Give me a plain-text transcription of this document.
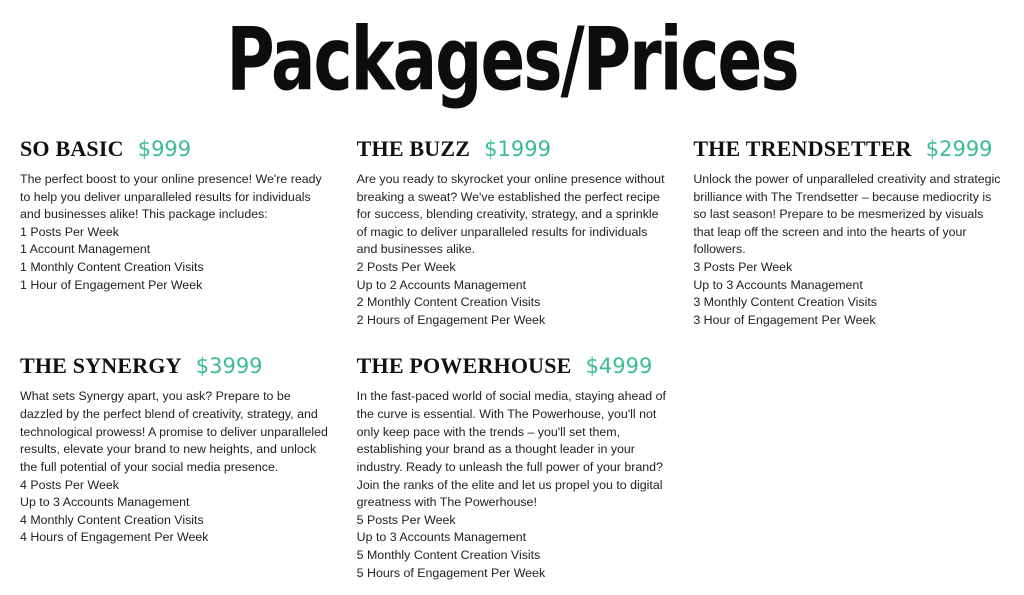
Packages/Prices
SO BASIC $999

The perfect boost to your online presence! We're ready to help you deliver unparalleled results for individuals and businesses alike! This package includes:

1 Posts Per Week
1 Account Management
1 Monthly Content Creation Visits
1 Hour of Engagement Per Week
THE BUZZ $1999

Are you ready to skyrocket your online presence without breaking a sweat? We've established the perfect recipe for success, blending creativity, strategy, and a sprinkle of magic to deliver unparalleled results for individuals and businesses alike.

2 Posts Per Week
Up to 2 Accounts Management
2 Monthly Content Creation Visits
2 Hours of Engagement Per Week
THE TRENDSETTER $2999

Unlock the power of unparalleled creativity and strategic brilliance with The Trendsetter – because mediocrity is so last season! Prepare to be mesmerized by visuals that leap off the screen and into the hearts of your followers.

3 Posts Per Week
Up to 3 Accounts Management
3 Monthly Content Creation Visits
3 Hour of Engagement Per Week
THE SYNERGY $3999

What sets Synergy apart, you ask? Prepare to be dazzled by the perfect blend of creativity, strategy, and technological prowess! A promise to deliver unparalleled results, elevate your brand to new heights, and unlock the full potential of your social media presence.

4 Posts Per Week
Up to 3 Accounts Management
4 Monthly Content Creation Visits
4 Hours of Engagement Per Week
THE POWERHOUSE $4999

In the fast-paced world of social media, staying ahead of the curve is essential. With The Powerhouse, you'll not only keep pace with the trends – you'll set them, establishing your brand as a thought leader in your industry. Ready to unleash the full power of your brand? Join the ranks of the elite and let us propel you to digital greatness with The Powerhouse!

5 Posts Per Week
Up to 3 Accounts Management
5 Monthly Content Creation Visits
5 Hours of Engagement Per Week
